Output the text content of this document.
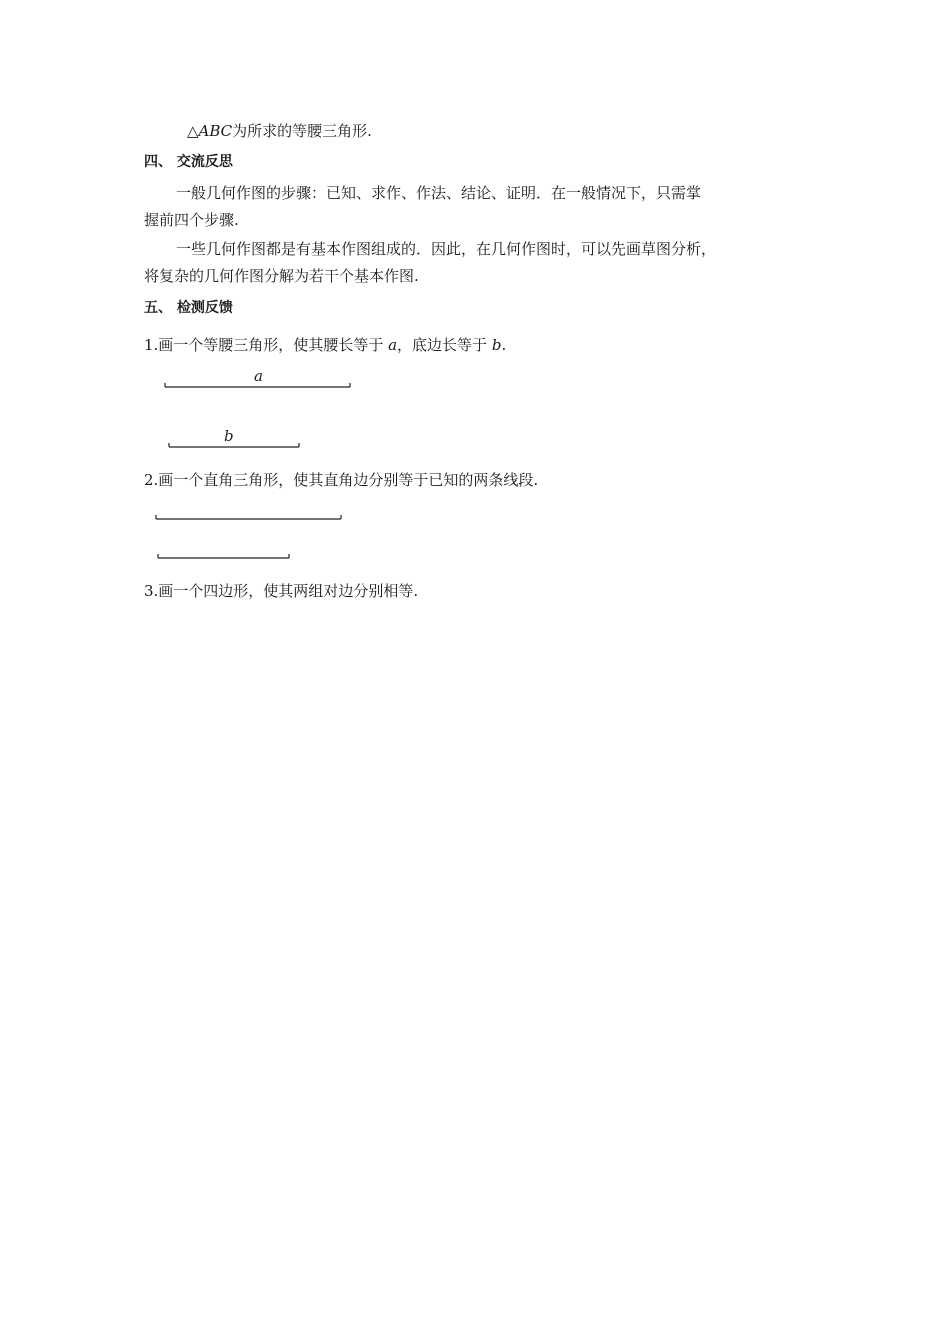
△ABC为所求的等腰三角形.
四、 交流反思
一般几何作图的步骤：已知、求作、作法、结论、证明．在一般情况下，只需掌
握前四个步骤.
一些几何作图都是有基本作图组成的．因此，在几何作图时，可以先画草图分析，
将复杂的几何作图分解为若干个基本作图.
五、 检测反馈
1.画一个等腰三角形，使其腰长等于 a，底边长等于 b.
a
b
2.画一个直角三角形，使其直角边分别等于已知的两条线段.
3.画一个四边形，使其两组对边分别相等.
